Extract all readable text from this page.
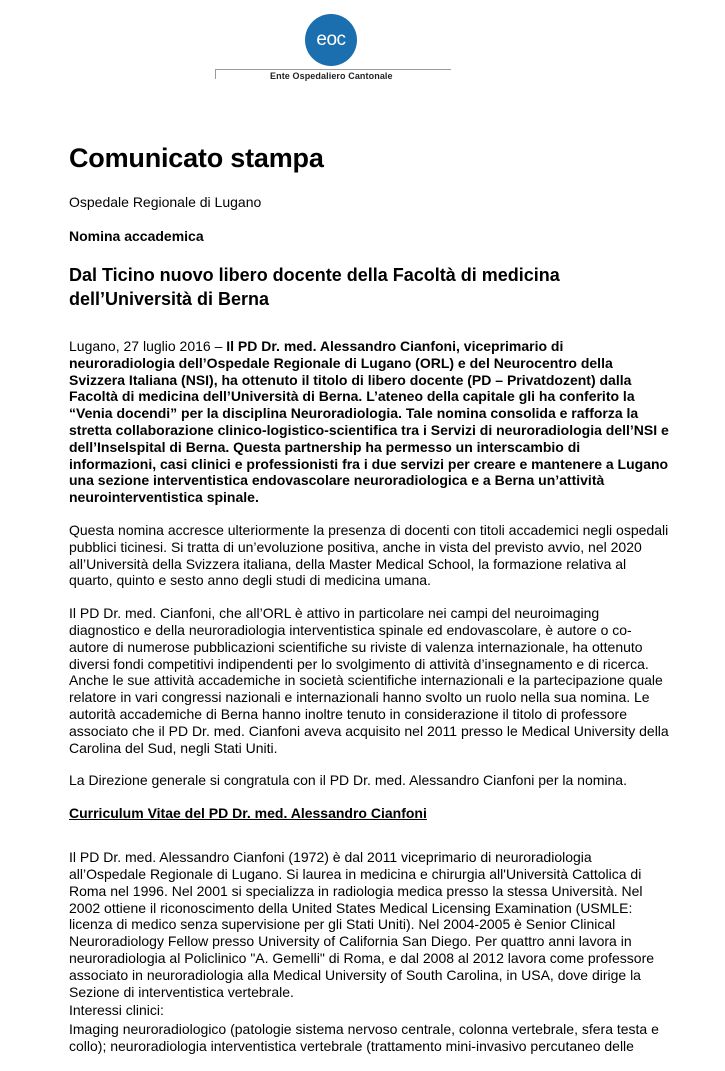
eoc
Ente Ospedaliero Cantonale
Comunicato stampa
Ospedale Regionale di Lugano
Nomina accademica
Dal Ticino nuovo libero docente della Facoltà di medicina dell’Università di Berna

Lugano, 27 luglio 2016 – Il PD Dr. med. Alessandro Cianfoni, viceprimario di neuroradiologia dell’Ospedale Regionale di Lugano (ORL) e del Neurocentro della Svizzera Italiana (NSI), ha ottenuto il titolo di libero docente (PD – Privatdozent) dalla Facoltà di medicina dell’Università di Berna. L’ateneo della capitale gli ha conferito la “Venia docendi” per la disciplina Neuroradiologia. Tale nomina consolida e rafforza la stretta collaborazione clinico-logistico-scientifica tra i Servizi di neuroradiologia dell’NSI e dell’Inselspital di Berna. Questa partnership ha permesso un interscambio di informazioni, casi clinici e professionisti fra i due servizi per creare e mantenere a Lugano una sezione interventistica endovascolare neuroradiologica e a Berna un’attività neurointerventistica spinale.

Questa nomina accresce ulteriormente la presenza di docenti con titoli accademici negli ospedali pubblici ticinesi. Si tratta di un’evoluzione positiva, anche in vista del previsto avvio, nel 2020 all’Università della Svizzera italiana, della Master Medical School, la formazione relativa al quarto, quinto e sesto anno degli studi di medicina umana.

Il PD Dr. med. Cianfoni, che all’ORL è attivo in particolare nei campi del neuroimaging diagnostico e della neuroradiologia interventistica spinale ed endovascolare, è autore o co-autore di numerose pubblicazioni scientifiche su riviste di valenza internazionale, ha ottenuto diversi fondi competitivi indipendenti per lo svolgimento di attività d’insegnamento e di ricerca. Anche le sue attività accademiche in società scientifiche internazionali e la partecipazione quale relatore in vari congressi nazionali e internazionali hanno svolto un ruolo nella sua nomina. Le autorità accademiche di Berna hanno inoltre tenuto in considerazione il titolo di professore associato che il PD Dr. med. Cianfoni aveva acquisito nel 2011 presso le Medical University della Carolina del Sud, negli Stati Uniti.

La Direzione generale si congratula con il PD Dr. med. Alessandro Cianfoni per la nomina.

Curriculum Vitae del PD Dr. med. Alessandro Cianfoni

Il PD Dr. med. Alessandro Cianfoni (1972) è dal 2011 viceprimario di neuroradiologia all’Ospedale Regionale di Lugano. Si laurea in medicina e chirurgia all'Università Cattolica di Roma nel 1996. Nel 2001 si specializza in radiologia medica presso la stessa Università. Nel 2002 ottiene il riconoscimento della United States Medical Licensing Examination (USMLE: licenza di medico senza supervisione per gli Stati Uniti). Nel 2004-2005 è Senior Clinical Neuroradiology Fellow presso University of California San Diego. Per quattro anni lavora in neuroradiologia al Policlinico "A. Gemelli" di Roma, e dal 2008 al 2012 lavora come professore associato in neuroradiologia alla Medical University of South Carolina, in USA, dove dirige la Sezione di interventistica vertebrale.

Interessi clinici:

Imaging neuroradiologico (patologie sistema nervoso centrale, colonna vertebrale, sfera testa e collo); neuroradiologia interventistica vertebrale (trattamento mini-invasivo percutaneo delle
